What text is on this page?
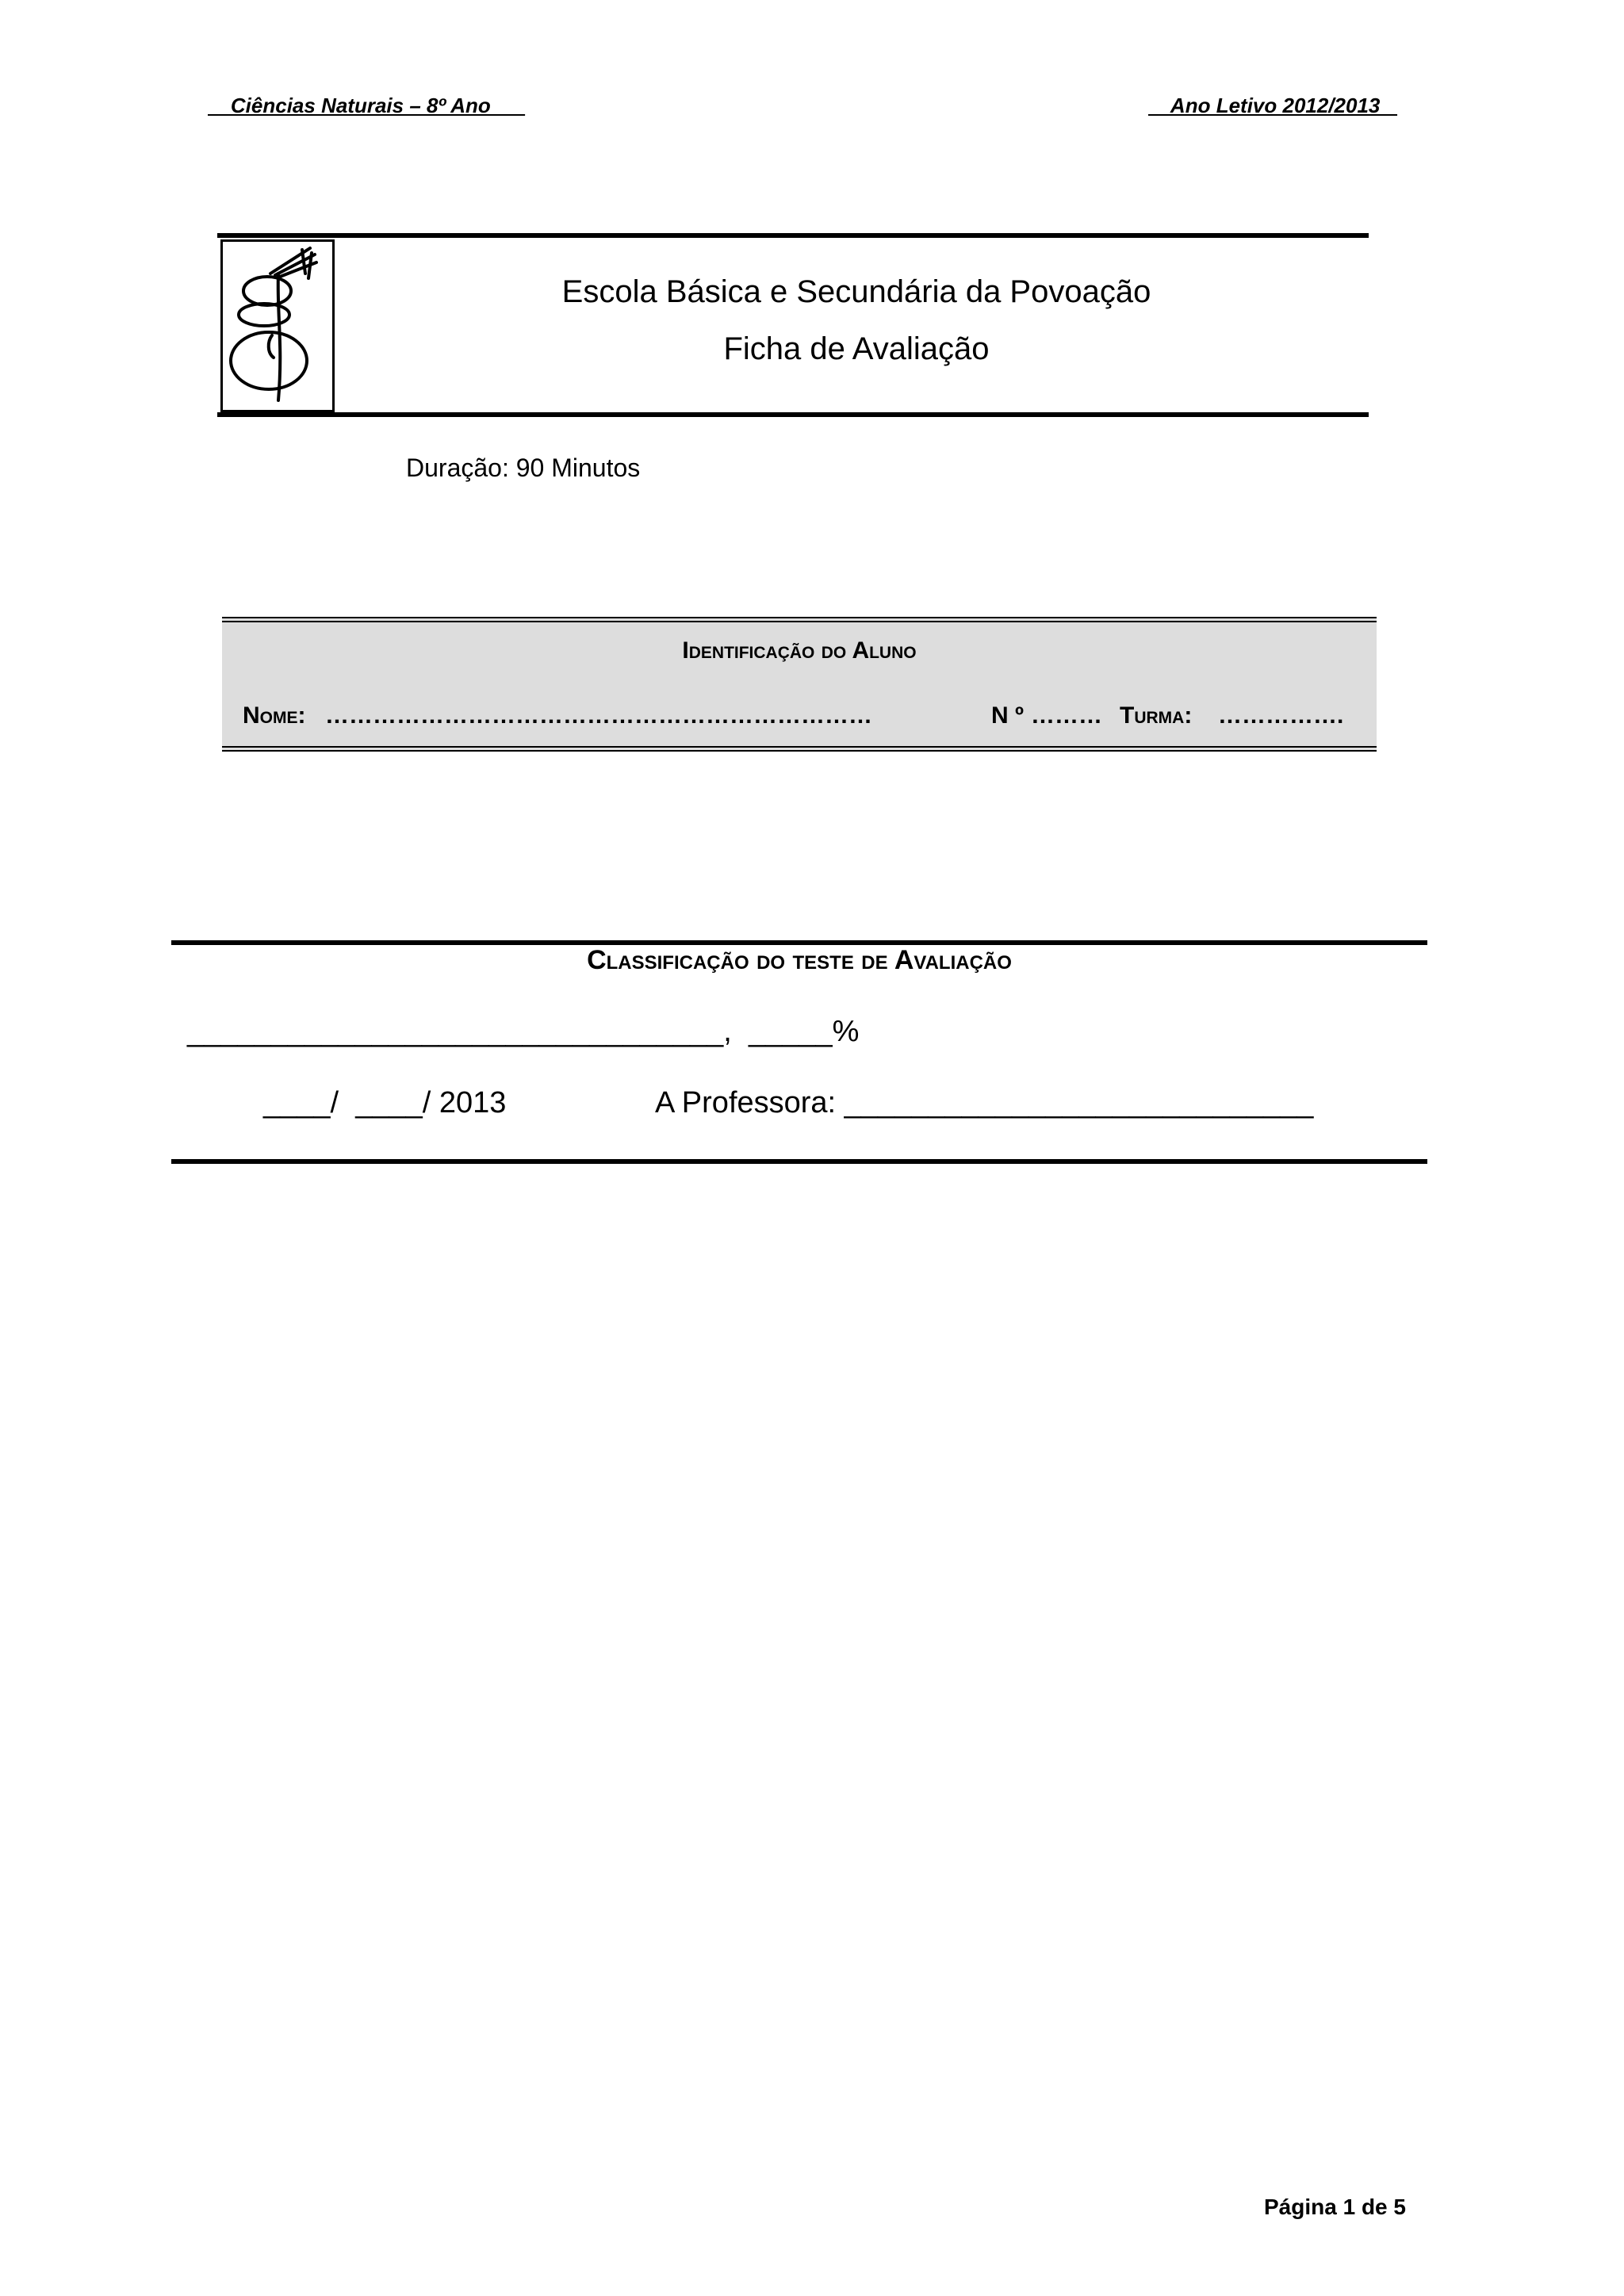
Ciências Naturais – 8º Ano	Ano Letivo 2012/2013
Escola Básica e Secundária da Povoação
Ficha de Avaliação
Duração: 90 Minutos
Identificação do Aluno
Nome: ……………………………………………………………	N º ……… Turma: …………….
Classificação do teste de Avaliação
________________________________,  _____%
____/  ____/ 2013	A Professora: ____________________________
Página 1 de 5
